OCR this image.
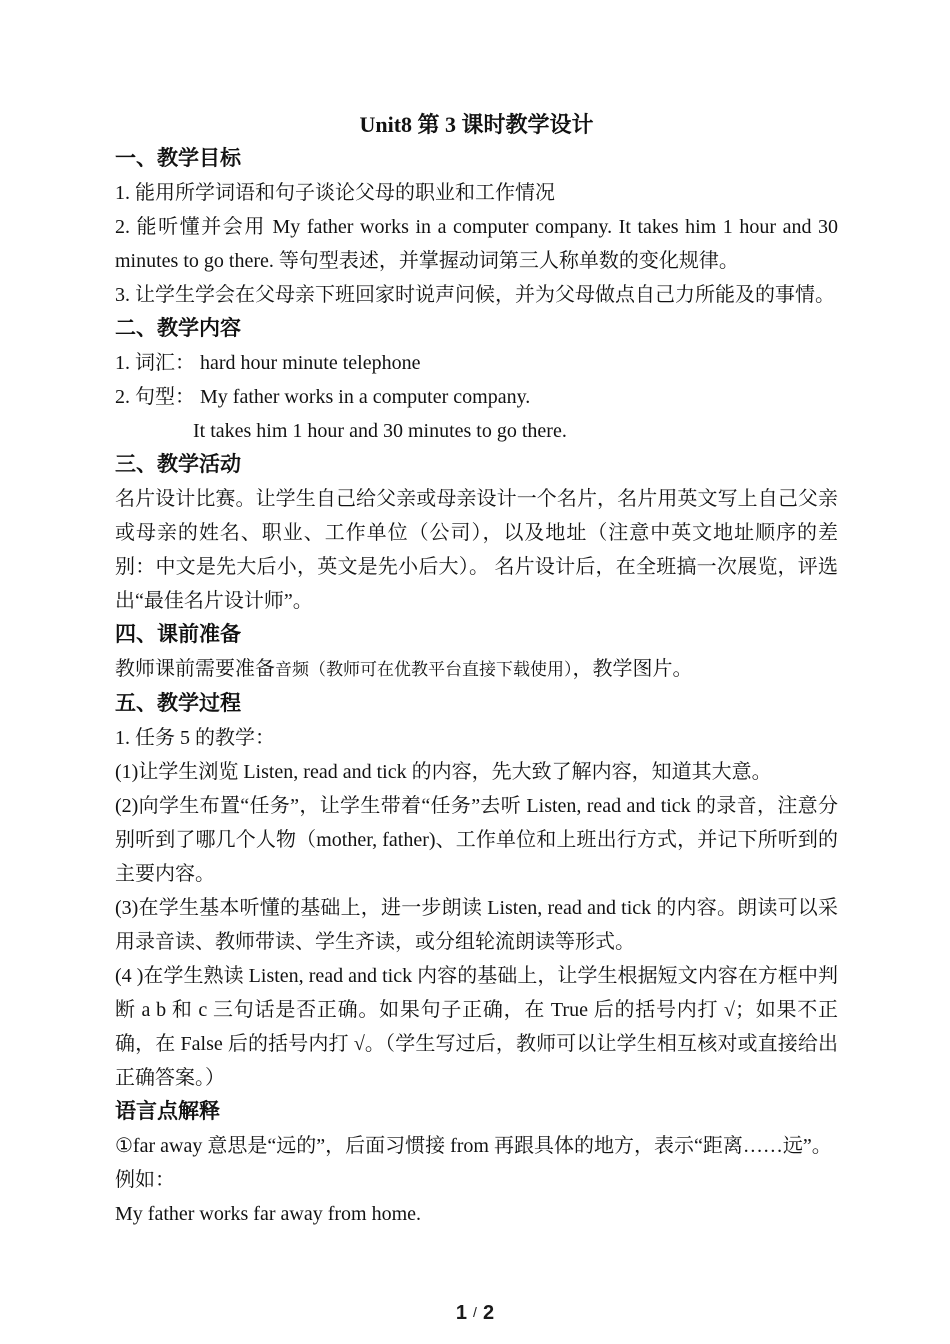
Unit8 第 3 课时教学设计
一、教学目标

1. 能用所学词语和句子谈论父母的职业和工作情况

2. 能听懂并会用 My father works in a computer company. It takes him 1 hour and 30 minutes to go there. 等句型表述，并掌握动词第三人称单数的变化规律。

3. 让学生学会在父母亲下班回家时说声问候，并为父母做点自己力所能及的事情。

二、教学内容

1. 词汇： hard hour minute telephone

2. 句型： My father works in a computer company.

It takes him 1 hour and 30 minutes to go there.

三、教学活动

名片设计比赛。让学生自己给父亲或母亲设计一个名片，名片用英文写上自己父亲或母亲的姓名、职业、工作单位（公司），以及地址（注意中英文地址顺序的差别：中文是先大后小，英文是先小后大）。 名片设计后，在全班搞一次展览，评选出“最佳名片设计师”。

四、课前准备

教师课前需要准备音频（教师可在优教平台直接下载使用），教学图片。

五、教学过程

1. 任务 5 的教学：

(1)让学生浏览 Listen, read and tick 的内容，先大致了解内容，知道其大意。

(2)向学生布置“任务”，让学生带着“任务”去听 Listen, read and tick 的录音，注意分别听到了哪几个人物（mother, father)、工作单位和上班出行方式，并记下所听到的主要内容。

(3)在学生基本听懂的基础上，进一步朗读 Listen, read and tick 的内容。朗读可以采用录音读、教师带读、学生齐读，或分组轮流朗读等形式。

(4 )在学生熟读 Listen, read and tick 内容的基础上，让学生根据短文内容在方框中判断 a b 和 c 三句话是否正确。如果句子正确，在 True 后的括号内打 √；如果不正确，在 False 后的括号内打 √。（学生写过后，教师可以让学生相互核对或直接给出正确答案。）

语言点解释

①far away 意思是“远的”，后面习惯接 from 再跟具体的地方，表示“距离……远”。

例如：

My father works far away from home.

1 / 2
